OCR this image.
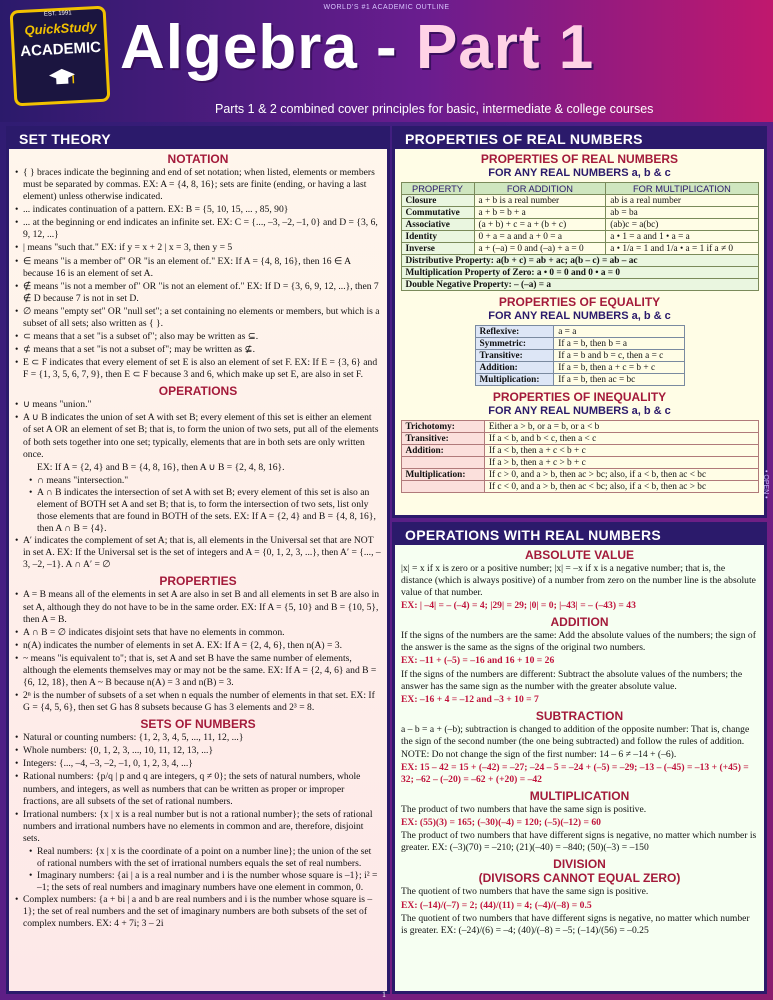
WORLD'S #1 ACADEMIC OUTLINE
EST. 1991
QuickStudy
ACADEMIC Algebra - Part 1
Parts 1 & 2 combined cover principles for basic, intermediate & college courses
SET THEORY
NOTATION
• { } braces indicate the beginning and end of set notation; when listed, elements or members must be separated by commas. EX: A = {4, 8, 16}; sets are finite (ending, or having a last element) unless otherwise indicated.
• ... indicates continuation of a pattern. EX: B = {5, 10, 15, ... , 85, 90}
• ... at the beginning or end indicates an infinite set. EX: C = {..., –3, –2, –1, 0} and D = {3, 6, 9, 12, ...}
• | means "such that." EX: if y = x + 2 | x = 3, then y = 5
• ∈ means "is a member of" OR "is an element of." EX: If A = {4, 8, 16}, then 16 ∈ A because 16 is an element of set A.
• ∉ means "is not a member of" OR "is not an element of." EX: If D = {3, 6, 9, 12, ...}, then 7 ∉ D because 7 is not in set D.
• ∅ means "empty set" OR "null set"; a set containing no elements or members, but which is a subset of all sets; also written as { }.
• ⊂ means that a set "is a subset of"; also may be written as ⊆.
• ⊄ means that a set "is not a subset of"; may be written as ⊈.
• E ⊂ F indicates that every element of set E is also an element of set F. EX: If E = {3, 6} and F = {1, 3, 5, 6, 7, 9}, then E ⊂ F because 3 and 6, which make up set E, are also in set F.
OPERATIONS
• ∪ means "union."
• A ∪ B indicates the union of set A with set B; every element of this set is either an element of set A OR an element of set B; that is, to form the union of two sets, put all of the elements of both sets together into one set; typically, elements that are in both sets are only written once.

EX: If A = {2, 4} and B = {4, 8, 16}, then A ∪ B = {2, 4, 8, 16}.

• ∩ means "intersection."
• A ∩ B indicates the intersection of set A with set B; every element of this set is also an element of BOTH set A and set B; that is, to form the intersection of two sets, list only those elements that are found in BOTH of the sets. EX: If A = {2, 4} and B = {4, 8, 16}, then A ∩ B = {4}.
• A′ indicates the complement of set A; that is, all elements in the Universal set that are NOT in set A. EX: If the Universal set is the set of integers and A = {0, 1, 2, 3, ...}, then A′ = {..., –3, –2, –1}. A ∩ A′ = ∅
PROPERTIES
• A = B means all of the elements in set A are also in set B and all elements in set B are also in set A, although they do not have to be in the same order. EX: If A = {5, 10} and B = {10, 5}, then A = B.
• A ∩ B = ∅ indicates disjoint sets that have no elements in common.
• n(A) indicates the number of elements in set A. EX: If A = {2, 4, 6}, then n(A) = 3.
• ~ means "is equivalent to"; that is, set A and set B have the same number of elements, although the elements themselves may or may not be the same. EX: If A = {2, 4, 6} and B = {6, 12, 18}, then A ~ B because n(A) = 3 and n(B) = 3.
• 2ⁿ is the number of subsets of a set when n equals the number of elements in that set. EX: If G = {4, 5, 6}, then set G has 8 subsets because G has 3 elements and 2³ = 8.
SETS OF NUMBERS
• Natural or counting numbers: {1, 2, 3, 4, 5, ..., 11, 12, ...}
• Whole numbers: {0, 1, 2, 3, ..., 10, 11, 12, 13, ...}
• Integers: {..., –4, –3, –2, –1, 0, 1, 2, 3, 4, ...}
• Rational numbers: {p/q | p and q are integers, q ≠ 0}; the sets of natural numbers, whole numbers, and integers, as well as numbers that can be written as proper or improper fractions, are all subsets of the set of rational numbers.
• Irrational numbers: {x | x is a real number but is not a rational number}; the sets of rational numbers and irrational numbers have no elements in common and are, therefore, disjoint sets.
• Real numbers: {x | x is the coordinate of a point on a number line}; the union of the set of rational numbers with the set of irrational numbers equals the set of real numbers.
• Imaginary numbers: {ai | a is a real number and i is the number whose square is –1}; i² = –1; the sets of real numbers and imaginary numbers have one element in common, 0.
• Complex numbers: {a + bi | a and b are real numbers and i is the number whose square is –1}; the set of real numbers and the set of imaginary numbers are both subsets of the set of complex numbers. EX: 4 + 7i; 3 – 2i
PROPERTIES OF REAL NUMBERS
PROPERTIES OF REAL NUMBERS
FOR ANY REAL NUMBERS a, b & c
PROPERTY	FOR ADDITION	FOR MULTIPLICATION
Closure	a + b is a real number	ab is a real number
Commutative	a + b = b + a	ab = ba
Associative	(a + b) + c = a + (b + c)	(ab)c = a(bc)
Identity	0 + a = a and a + 0 = a	a • 1 = a and 1 • a = a
Inverse	a + (–a) = 0 and (–a) + a = 0	a • 1/a = 1 and 1/a • a = 1 if a ≠ 0
Distributive Property: a(b + c) = ab + ac; a(b – c) = ab – ac		
Multiplication Property of Zero: a • 0 = 0 and 0 • a = 0		
Double Negative Property: – (–a) = a		
PROPERTIES OF EQUALITY
FOR ANY REAL NUMBERS a, b & c
Reflexive:	a = a
Symmetric:	If a = b, then b = a
Transitive:	If a = b and b = c, then a = c
Addition:	If a = b, then a + c = b + c
Multiplication:	If a = b, then ac = bc
PROPERTIES OF INEQUALITY
FOR ANY REAL NUMBERS a, b & c
Trichotomy:	Either a > b, or a = b, or a < b
Transitive:	If a < b, and b < c, then a < c
Addition:	If a < b, then a + c < b + c
	If a > b, then a + c > b + c
Multiplication:	If c > 0, and a > b, then ac > bc; also, if a < b, then ac < bc
	If c < 0, and a > b, then ac < bc; also, if a < b, then ac > bc
OPERATIONS WITH REAL NUMBERS
ABSOLUTE VALUE

|x| = x if x is zero or a positive number; |x| = –x if x is a negative number; that is, the distance (which is always positive) of a number from zero on the number line is the absolute value of that number.

EX: | –4| = – (–4) = 4; |29| = 29; |0| = 0; |–43| = – (–43) = 43

ADDITION

If the signs of the numbers are the same: Add the absolute values of the numbers; the sign of the answer is the same as the signs of the original two numbers.

EX: –11 + (–5) = –16 and 16 + 10 = 26

If the signs of the numbers are different: Subtract the absolute values of the numbers; the answer has the same sign as the number with the greater absolute value.

EX: –16 + 4 = –12 and –3 + 10 = 7

SUBTRACTION

a – b = a + (–b); subtraction is changed to addition of the opposite number: That is, change the sign of the second number (the one being subtracted) and follow the rules of addition.

NOTE: Do not change the sign of the first number: 14 – 6 ≠ –14 + (–6).

EX: 15 – 42 = 15 + (–42) = –27; –24 – 5 = –24 + (–5) = –29; –13 – (–45) = –13 + (+45) = 32; –62 – (–20) = –62 + (+20) = –42

MULTIPLICATION

The product of two numbers that have the same sign is positive.

EX: (55)(3) = 165; (–30)(–4) = 120; (–5)(–12) = 60

The product of two numbers that have different signs is negative, no matter which number is greater. EX: (–3)(70) = –210; (21)(–40) = –840; (50)(–3) = –150

DIVISION
(DIVISORS CANNOT EQUAL ZERO)

The quotient of two numbers that have the same sign is positive.

EX: (–14)/(–7) = 2; (44)/(11) = 4; (–4)/(–8) = 0.5

The quotient of two numbers that have different signs is negative, no matter which number is greater. EX: (–24)/(6) = –4; (40)/(–8) = –5; (–14)/(56) = –0.25

• OPEN •
1
